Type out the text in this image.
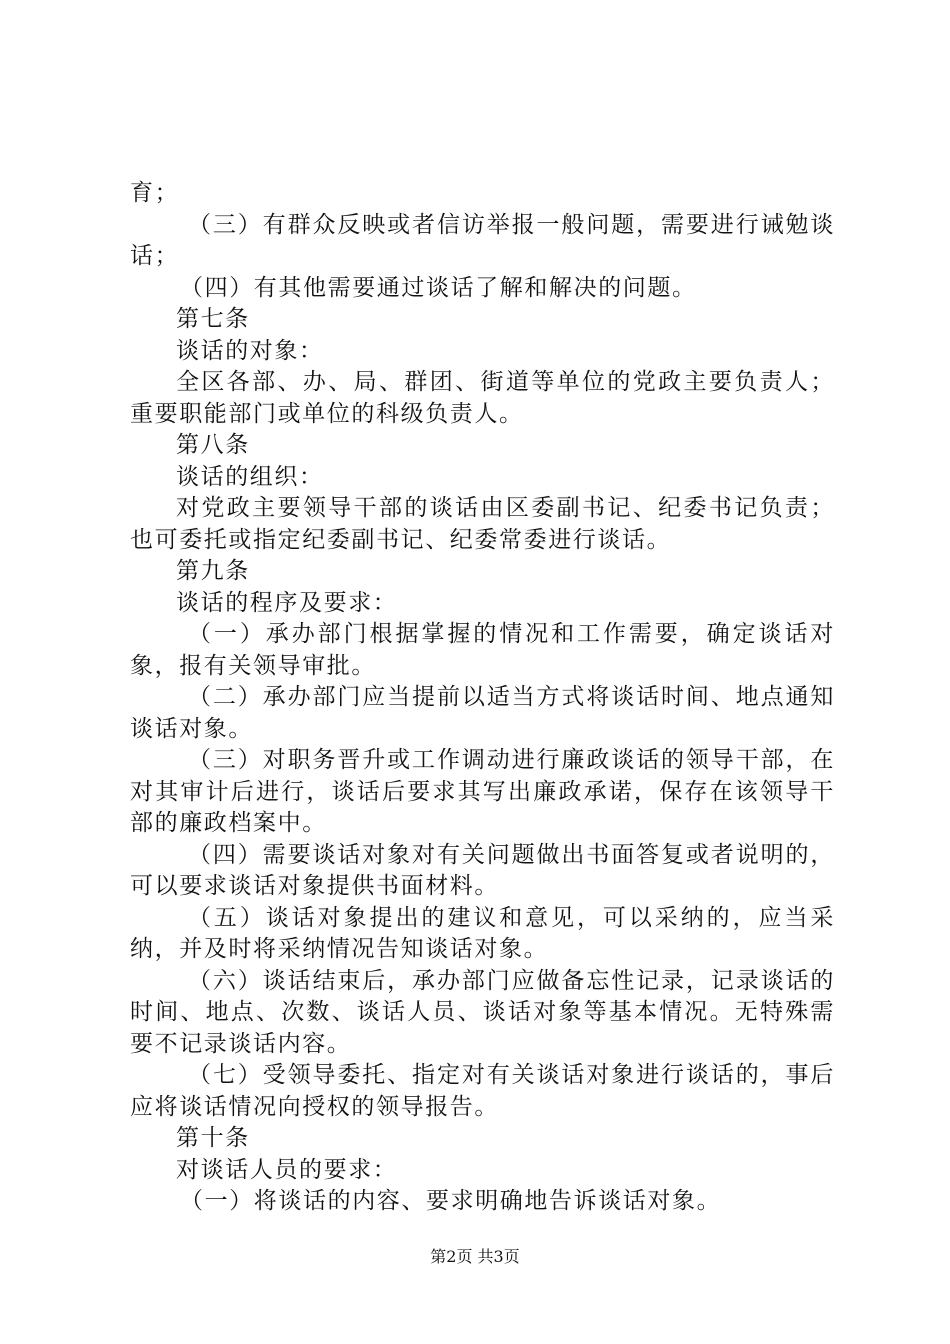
育；

（三）有群众反映或者信访举报一般问题，需要进行诫勉谈话；

（四）有其他需要通过谈话了解和解决的问题。

第七条

谈话的对象：

全区各部、办、局、群团、街道等单位的党政主要负责人；重要职能部门或单位的科级负责人。

第八条

谈话的组织：

对党政主要领导干部的谈话由区委副书记、纪委书记负责；也可委托或指定纪委副书记、纪委常委进行谈话。

第九条

谈话的程序及要求：

（一）承办部门根据掌握的情况和工作需要，确定谈话对象，报有关领导审批。

（二）承办部门应当提前以适当方式将谈话时间、地点通知谈话对象。

（三）对职务晋升或工作调动进行廉政谈话的领导干部，在对其审计后进行，谈话后要求其写出廉政承诺，保存在该领导干部的廉政档案中。

（四）需要谈话对象对有关问题做出书面答复或者说明的，可以要求谈话对象提供书面材料。

（五）谈话对象提出的建议和意见，可以采纳的，应当采纳，并及时将采纳情况告知谈话对象。

（六）谈话结束后，承办部门应做备忘性记录，记录谈话的时间、地点、次数、谈话人员、谈话对象等基本情况。无特殊需要不记录谈话内容。

（七）受领导委托、指定对有关谈话对象进行谈话的，事后应将谈话情况向授权的领导报告。

第十条

对谈话人员的要求：

（一）将谈话的内容、要求明确地告诉谈话对象。

第2页 共3页
